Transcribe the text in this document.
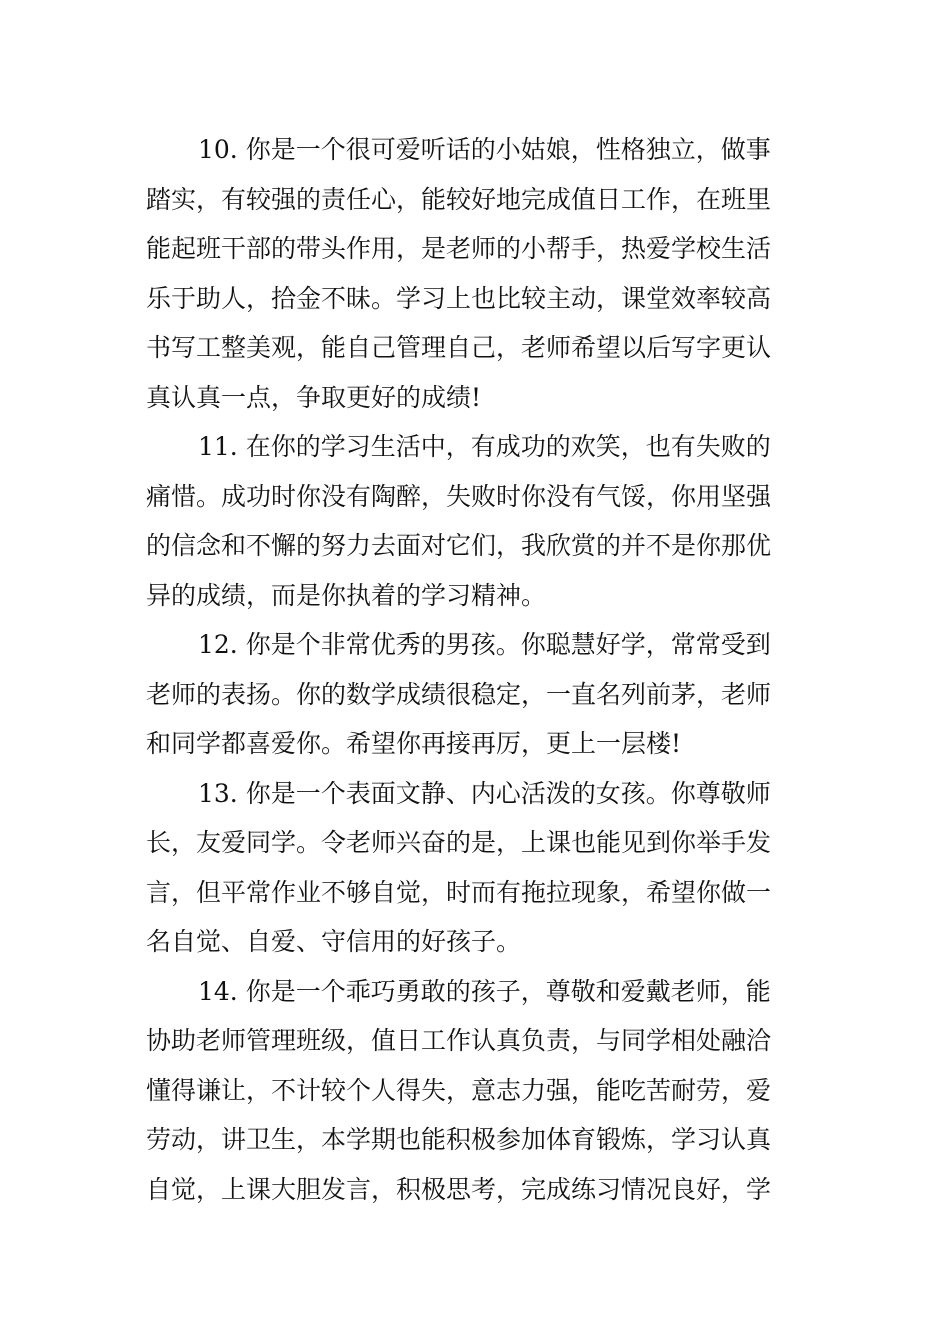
10. 你是一个很可爱听话的小姑娘，性格独立，做事
踏实，有较强的责任心，能较好地完成值日工作，在班里
能起班干部的带头作用，是老师的小帮手，热爱学校生活
乐于助人，拾金不昧。学习上也比较主动，课堂效率较高
书写工整美观，能自己管理自己，老师希望以后写字更认
真认真一点，争取更好的成绩!
11. 在你的学习生活中，有成功的欢笑，也有失败的
痛惜。成功时你没有陶醉，失败时你没有气馁，你用坚强
的信念和不懈的努力去面对它们，我欣赏的并不是你那优
异的成绩，而是你执着的学习精神。
12. 你是个非常优秀的男孩。你聪慧好学，常常受到
老师的表扬。你的数学成绩很稳定，一直名列前茅，老师
和同学都喜爱你。希望你再接再厉，更上一层楼!
13. 你是一个表面文静、内心活泼的女孩。你尊敬师
长，友爱同学。令老师兴奋的是，上课也能见到你举手发
言，但平常作业不够自觉，时而有拖拉现象，希望你做一
名自觉、自爱、守信用的好孩子。
14. 你是一个乖巧勇敢的孩子，尊敬和爱戴老师，能
协助老师管理班级，值日工作认真负责，与同学相处融洽
懂得谦让，不计较个人得失，意志力强，能吃苦耐劳，爱
劳动，讲卫生，本学期也能积极参加体育锻炼，学习认真
自觉，上课大胆发言，积极思考，完成练习情况良好，学
